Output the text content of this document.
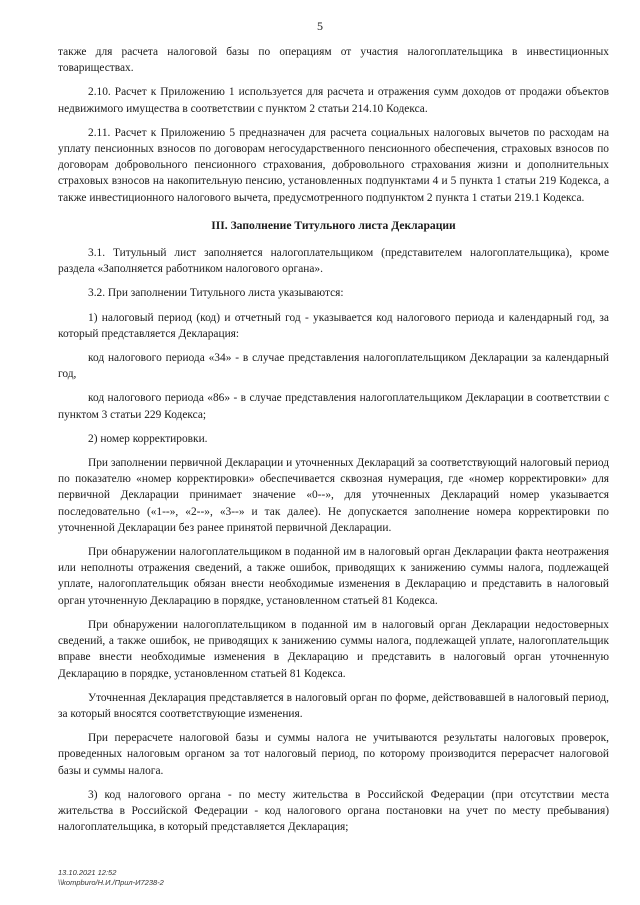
5

также для расчета налоговой базы по операциям от участия налогоплательщика в инвестиционных товариществах.

2.10. Расчет к Приложению 1 используется для расчета и отражения сумм доходов от продажи объектов недвижимого имущества в соответствии с пунктом 2 статьи 214.10 Кодекса.

2.11. Расчет к Приложению 5 предназначен для расчета социальных налоговых вычетов по расходам на уплату пенсионных взносов по договорам негосударственного пенсионного обеспечения, страховых взносов по договорам добровольного пенсионного страхования, добровольного страхования жизни и дополнительных страховых взносов на накопительную пенсию, установленных подпунктами 4 и 5 пункта 1 статьи 219 Кодекса, а также инвестиционного налогового вычета, предусмотренного подпунктом 2 пункта 1 статьи 219.1 Кодекса.

III. Заполнение Титульного листа Декларации

3.1. Титульный лист заполняется налогоплательщиком (представителем налогоплательщика), кроме раздела «Заполняется работником налогового органа».

3.2. При заполнении Титульного листа указываются:

1) налоговый период (код) и отчетный год - указывается код налогового периода и календарный год, за который представляется Декларация:

код налогового периода «34» - в случае представления налогоплательщиком Декларации за календарный год,

код налогового периода «86» - в случае представления налогоплательщиком Декларации в соответствии с пунктом 3 статьи 229 Кодекса;

2) номер корректировки.

При заполнении первичной Декларации и уточненных Деклараций за соответствующий налоговый период по показателю «номер корректировки» обеспечивается сквозная нумерация, где «номер корректировки» для первичной Декларации принимает значение «0--», для уточненных Деклараций номер указывается последовательно («1--», «2--», «3--» и так далее). Не допускается заполнение номера корректировки по уточненной Декларации без ранее принятой первичной Декларации.

При обнаружении налогоплательщиком в поданной им в налоговый орган Декларации факта неотражения или неполноты отражения сведений, а также ошибок, приводящих к занижению суммы налога, подлежащей уплате, налогоплательщик обязан внести необходимые изменения в Декларацию и представить в налоговый орган уточненную Декларацию в порядке, установленном статьей 81 Кодекса.

При обнаружении налогоплательщиком в поданной им в налоговый орган Декларации недостоверных сведений, а также ошибок, не приводящих к занижению суммы налога, подлежащей уплате, налогоплательщик вправе внести необходимые изменения в Декларацию и представить в налоговый орган уточненную Декларацию в порядке, установленном статьей 81 Кодекса.

Уточненная Декларация представляется в налоговый орган по форме, действовавшей в налоговый период, за который вносятся соответствующие изменения.

При перерасчете налоговой базы и суммы налога не учитываются результаты налоговых проверок, проведенных налоговым органом за тот налоговый период, по которому производится перерасчет налоговой базы и суммы налога.

3) код налогового органа - по месту жительства в Российской Федерации (при отсутствии места жительства в Российской Федерации - код налогового органа постановки на учет по месту пребывания) налогоплательщика, в который представляется Декларация;

13.10.2021 12:52
\\kompburo/Н.И./Прил-И7238-2
